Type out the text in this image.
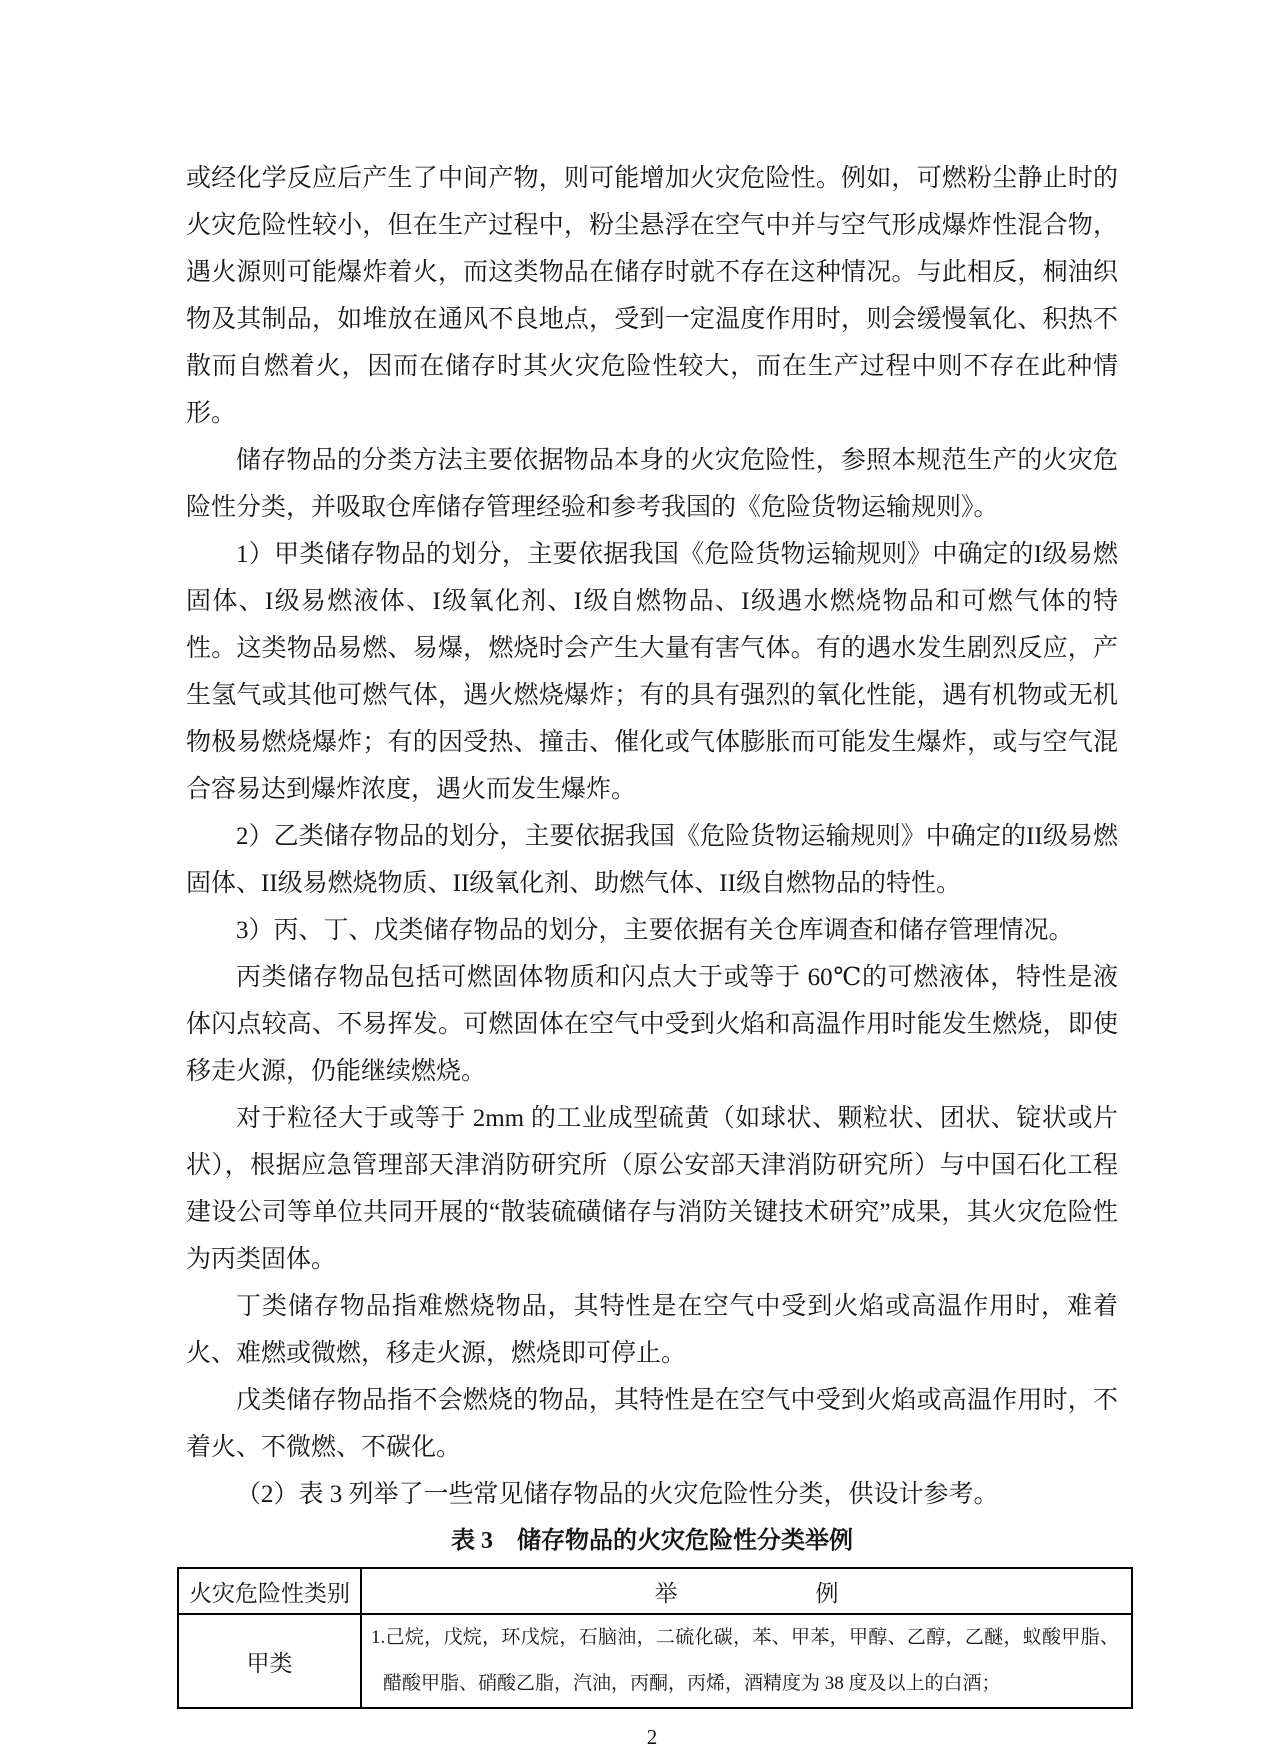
或经化学反应后产生了中间产物，则可能增加火灾危险性。例如，可燃粉尘静止时的火灾危险性较小，但在生产过程中，粉尘悬浮在空气中并与空气形成爆炸性混合物，遇火源则可能爆炸着火，而这类物品在储存时就不存在这种情况。与此相反，桐油织物及其制品，如堆放在通风不良地点，受到一定温度作用时，则会缓慢氧化、积热不散而自燃着火，因而在储存时其火灾危险性较大，而在生产过程中则不存在此种情形。

储存物品的分类方法主要依据物品本身的火灾危险性，参照本规范生产的火灾危险性分类，并吸取仓库储存管理经验和参考我国的《危险货物运输规则》。

1）甲类储存物品的划分，主要依据我国《危险货物运输规则》中确定的I级易燃固体、I级易燃液体、I级氧化剂、I级自燃物品、I级遇水燃烧物品和可燃气体的特性。这类物品易燃、易爆，燃烧时会产生大量有害气体。有的遇水发生剧烈反应，产生氢气或其他可燃气体，遇火燃烧爆炸；有的具有强烈的氧化性能，遇有机物或无机物极易燃烧爆炸；有的因受热、撞击、催化或气体膨胀而可能发生爆炸，或与空气混合容易达到爆炸浓度，遇火而发生爆炸。

2）乙类储存物品的划分，主要依据我国《危险货物运输规则》中确定的II级易燃固体、II级易燃烧物质、II级氧化剂、助燃气体、II级自燃物品的特性。

3）丙、丁、戊类储存物品的划分，主要依据有关仓库调查和储存管理情况。

丙类储存物品包括可燃固体物质和闪点大于或等于 60℃的可燃液体，特性是液体闪点较高、不易挥发。可燃固体在空气中受到火焰和高温作用时能发生燃烧，即使移走火源，仍能继续燃烧。

对于粒径大于或等于 2mm 的工业成型硫黄（如球状、颗粒状、团状、锭状或片状），根据应急管理部天津消防研究所（原公安部天津消防研究所）与中国石化工程建设公司等单位共同开展的“散装硫磺储存与消防关键技术研究”成果，其火灾危险性为丙类固体。

丁类储存物品指难燃烧物品，其特性是在空气中受到火焰或高温作用时，难着火、难燃或微燃，移走火源，燃烧即可停止。

戊类储存物品指不会燃烧的物品，其特性是在空气中受到火焰或高温作用时，不着火、不微燃、不碳化。

（2）表 3 列举了一些常见储存物品的火灾危险性分类，供设计参考。

表 3　储存物品的火灾危险性分类举例

火灾危险性类别	举　　　　　　例
甲类	1.己烷，戊烷，环戊烷，石脑油，二硫化碳，苯、甲苯，甲醇、乙醇，乙醚，蚁酸甲脂、醋酸甲脂、硝酸乙脂，汽油，丙酮，丙烯，酒精度为 38 度及以上的白酒；
2
